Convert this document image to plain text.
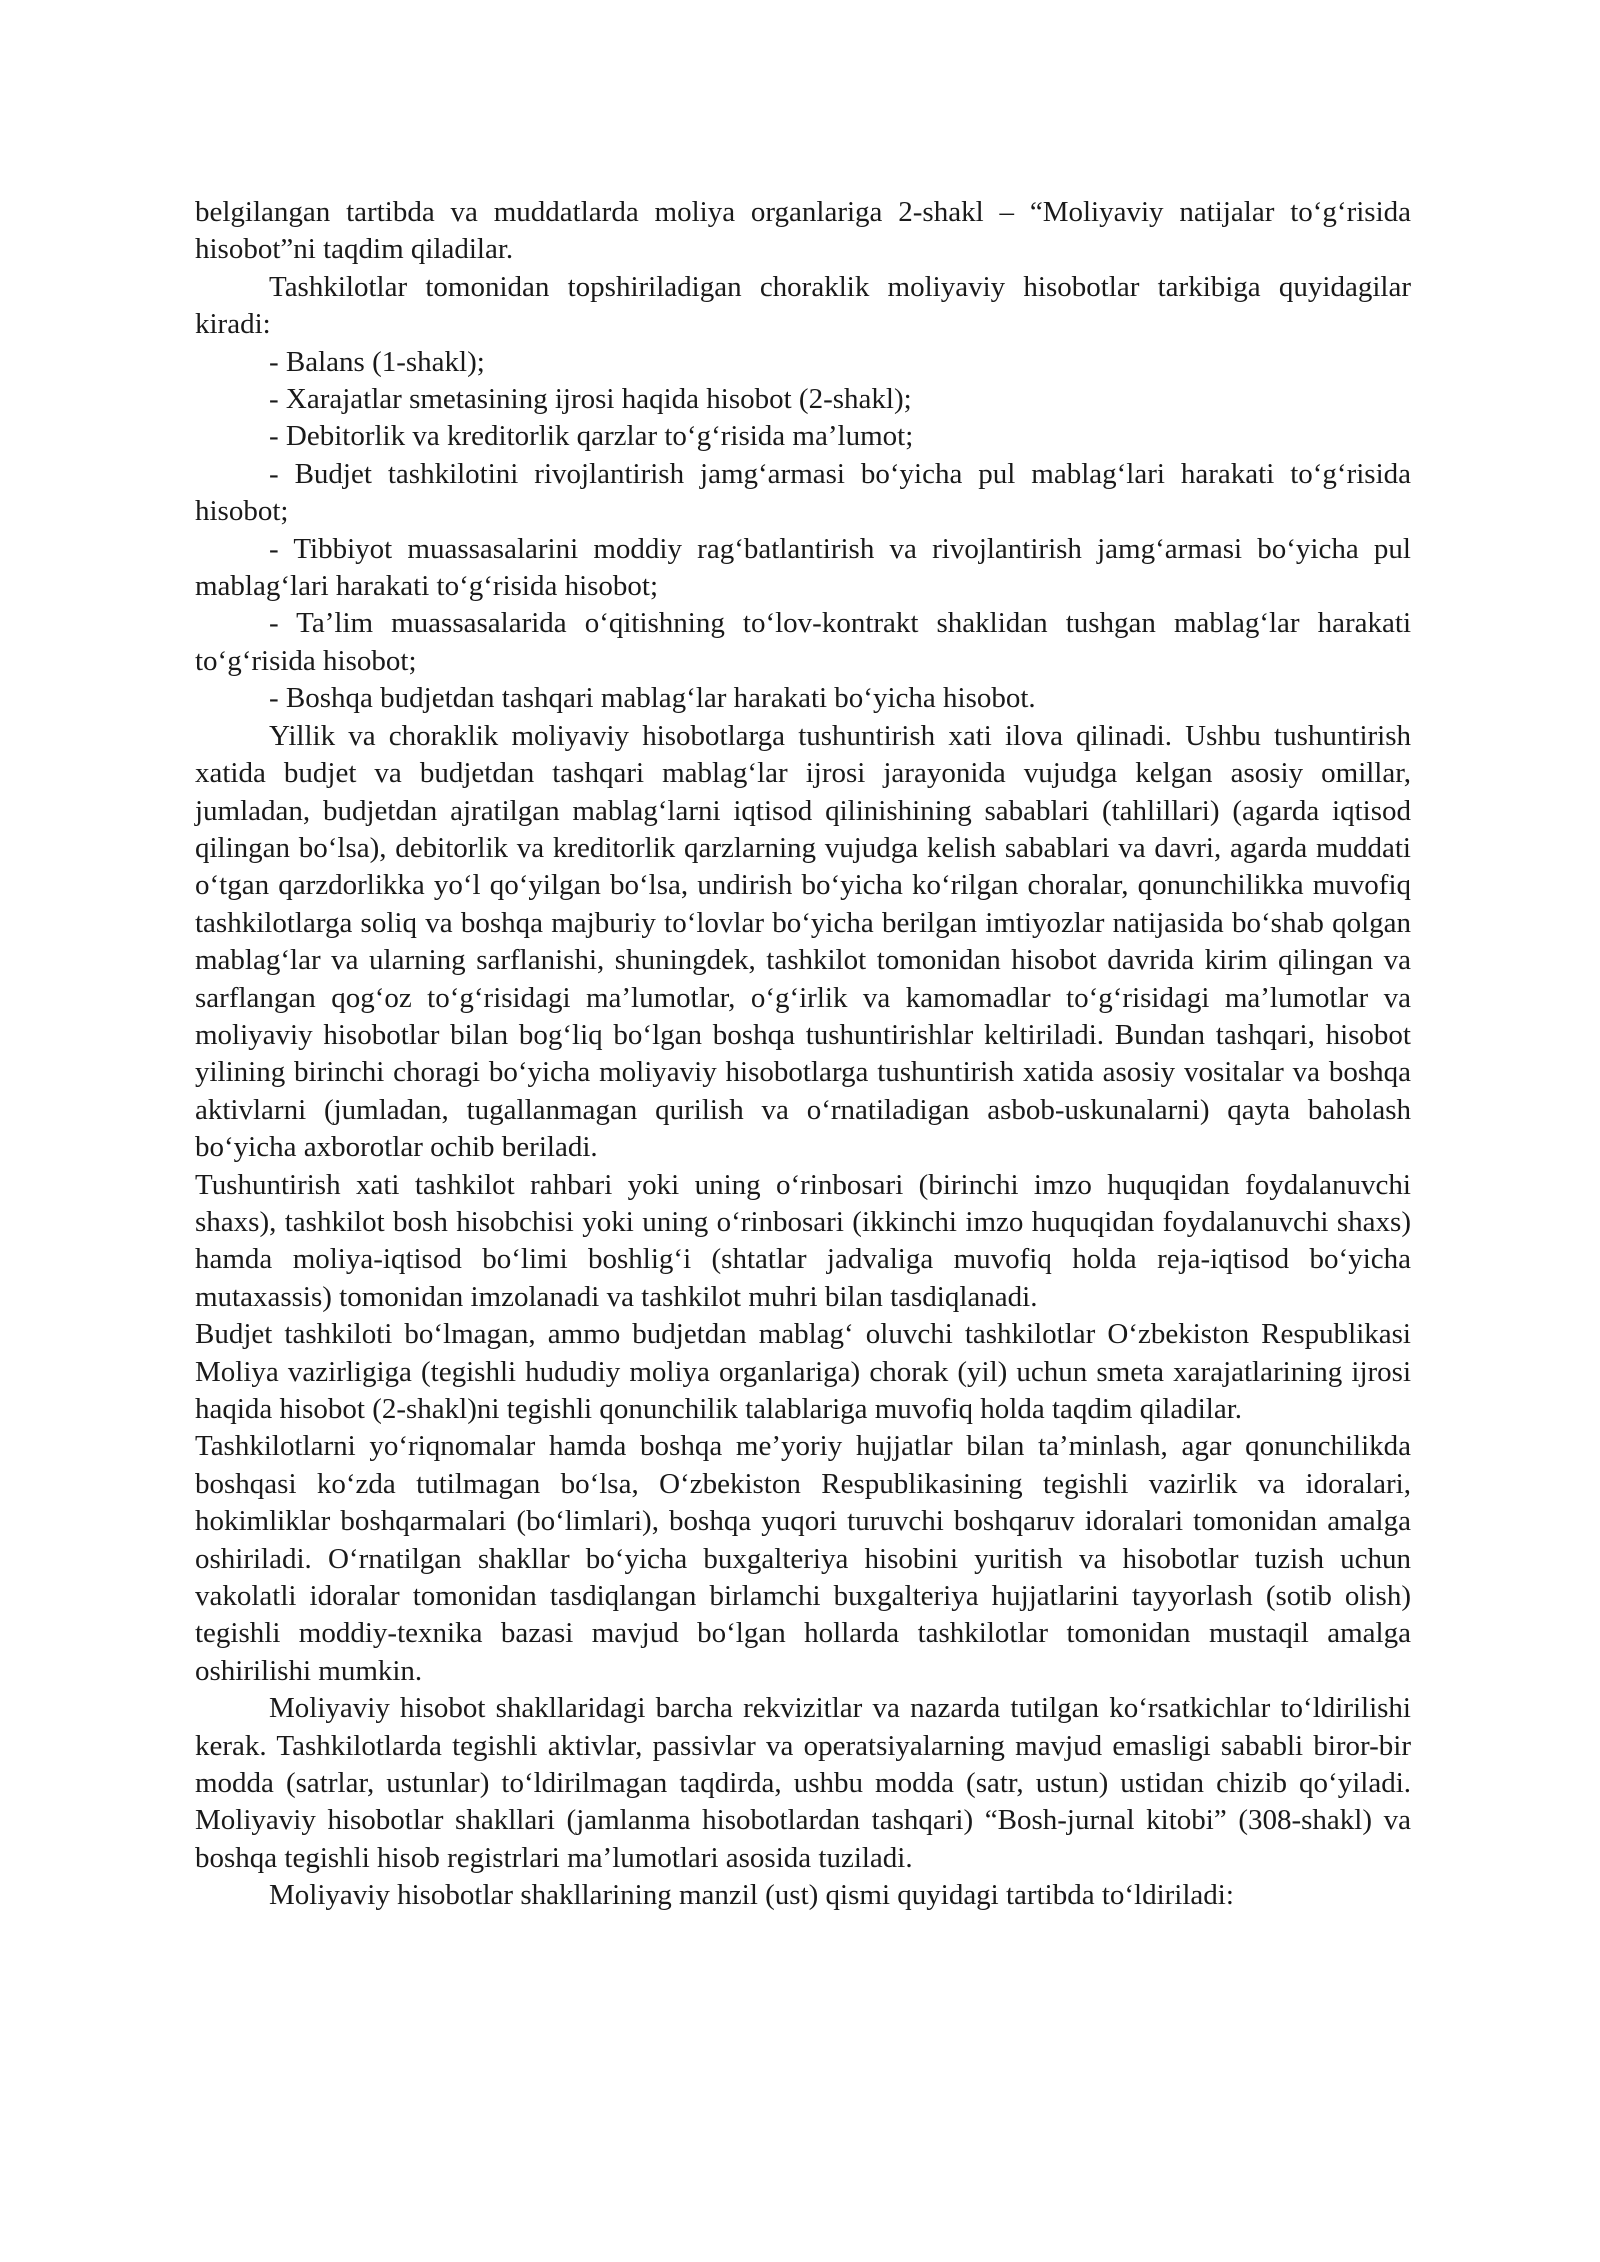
belgilangan tartibda va muddatlarda moliya organlariga 2-shakl – “Moliyaviy natijalar to‘g‘risida hisobot”ni taqdim qiladilar.

Tashkilotlar tomonidan topshiriladigan choraklik moliyaviy hisobotlar tarkibiga quyidagilar kiradi:

- Balans (1-shakl);

- Xarajatlar smetasining ijrosi haqida hisobot (2-shakl);

- Debitorlik va kreditorlik qarzlar to‘g‘risida ma’lumot;

- Budjet tashkilotini rivojlantirish jamg‘armasi bo‘yicha pul mablag‘lari harakati to‘g‘risida hisobot;

- Tibbiyot muassasalarini moddiy rag‘batlantirish va rivojlantirish jamg‘armasi bo‘yicha pul mablag‘lari harakati to‘g‘risida hisobot;

- Ta’lim muassasalarida o‘qitishning to‘lov-kontrakt shaklidan tushgan mablag‘lar harakati to‘g‘risida hisobot;

- Boshqa budjetdan tashqari mablag‘lar harakati bo‘yicha hisobot.

Yillik va choraklik moliyaviy hisobotlarga tushuntirish xati ilova qilinadi. Ushbu tushuntirish xatida budjet va budjetdan tashqari mablag‘lar ijrosi jarayonida vujudga kelgan asosiy omillar, jumladan, budjetdan ajratilgan mablag‘larni iqtisod qilinishining sabablari (tahlillari) (agarda iqtisod qilingan bo‘lsa), debitorlik va kreditorlik qarzlarning vujudga kelish sabablari va davri, agarda muddati o‘tgan qarzdorlikka yo‘l qo‘yilgan bo‘lsa, undirish bo‘yicha ko‘rilgan choralar, qonunchilikka muvofiq tashkilotlarga soliq va boshqa majburiy to‘lovlar bo‘yicha berilgan imtiyozlar natijasida bo‘shab qolgan mablag‘lar va ularning sarflanishi, shuningdek, tashkilot tomonidan hisobot davrida kirim qilingan va sarflangan qog‘oz to‘g‘risidagi ma’lumotlar, o‘g‘irlik va kamomadlar to‘g‘risidagi ma’lumotlar va moliyaviy hisobotlar bilan bog‘liq bo‘lgan boshqa tushuntirishlar keltiriladi. Bundan tashqari, hisobot yilining birinchi choragi bo‘yicha moliyaviy hisobotlarga tushuntirish xatida asosiy vositalar va boshqa aktivlarni (jumladan, tugallanmagan qurilish va o‘rnatiladigan asbob-uskunalarni) qayta baholash bo‘yicha axborotlar ochib beriladi.

Tushuntirish xati tashkilot rahbari yoki uning o‘rinbosari (birinchi imzo huquqidan foydalanuvchi shaxs), tashkilot bosh hisobchisi yoki uning o‘rinbosari (ikkinchi imzo huquqidan foydalanuvchi shaxs) hamda moliya-iqtisod bo‘limi boshlig‘i (shtatlar jadvaliga muvofiq holda reja-iqtisod bo‘yicha mutaxassis) tomonidan imzolanadi va tashkilot muhri bilan tasdiqlanadi.

Budjet tashkiloti bo‘lmagan, ammo budjetdan mablag‘ oluvchi tashkilotlar O‘zbekiston Respublikasi Moliya vazirligiga (tegishli hududiy moliya organlariga) chorak (yil) uchun smeta xarajatlarining ijrosi haqida hisobot (2-shakl)ni tegishli qonunchilik talablariga muvofiq holda taqdim qiladilar.

Tashkilotlarni yo‘riqnomalar hamda boshqa me’yoriy hujjatlar bilan ta’minlash, agar qonunchilikda boshqasi ko‘zda tutilmagan bo‘lsa, O‘zbekiston Respublikasining tegishli vazirlik va idoralari, hokimliklar boshqarmalari (bo‘limlari), boshqa yuqori turuvchi boshqaruv idoralari tomonidan amalga oshiriladi. O‘rnatilgan shakllar bo‘yicha buxgalteriya hisobini yuritish va hisobotlar tuzish uchun vakolatli idoralar tomonidan tasdiqlangan birlamchi buxgalteriya hujjatlarini tayyorlash (sotib olish) tegishli moddiy-texnika bazasi mavjud bo‘lgan hollarda tashkilotlar tomonidan mustaqil amalga oshirilishi mumkin.

Moliyaviy hisobot shakllaridagi barcha rekvizitlar va nazarda tutilgan ko‘rsatkichlar to‘ldirilishi kerak. Tashkilotlarda tegishli aktivlar, passivlar va operatsiyalarning mavjud emasligi sababli biror-bir modda (satrlar, ustunlar) to‘ldirilmagan taqdirda, ushbu modda (satr, ustun) ustidan chizib qo‘yiladi. Moliyaviy hisobotlar shakllari (jamlanma hisobotlardan tashqari) “Bosh-jurnal kitobi” (308-shakl) va boshqa tegishli hisob registrlari ma’lumotlari asosida tuziladi.

Moliyaviy hisobotlar shakllarining manzil (ust) qismi quyidagi tartibda to‘ldiriladi:
